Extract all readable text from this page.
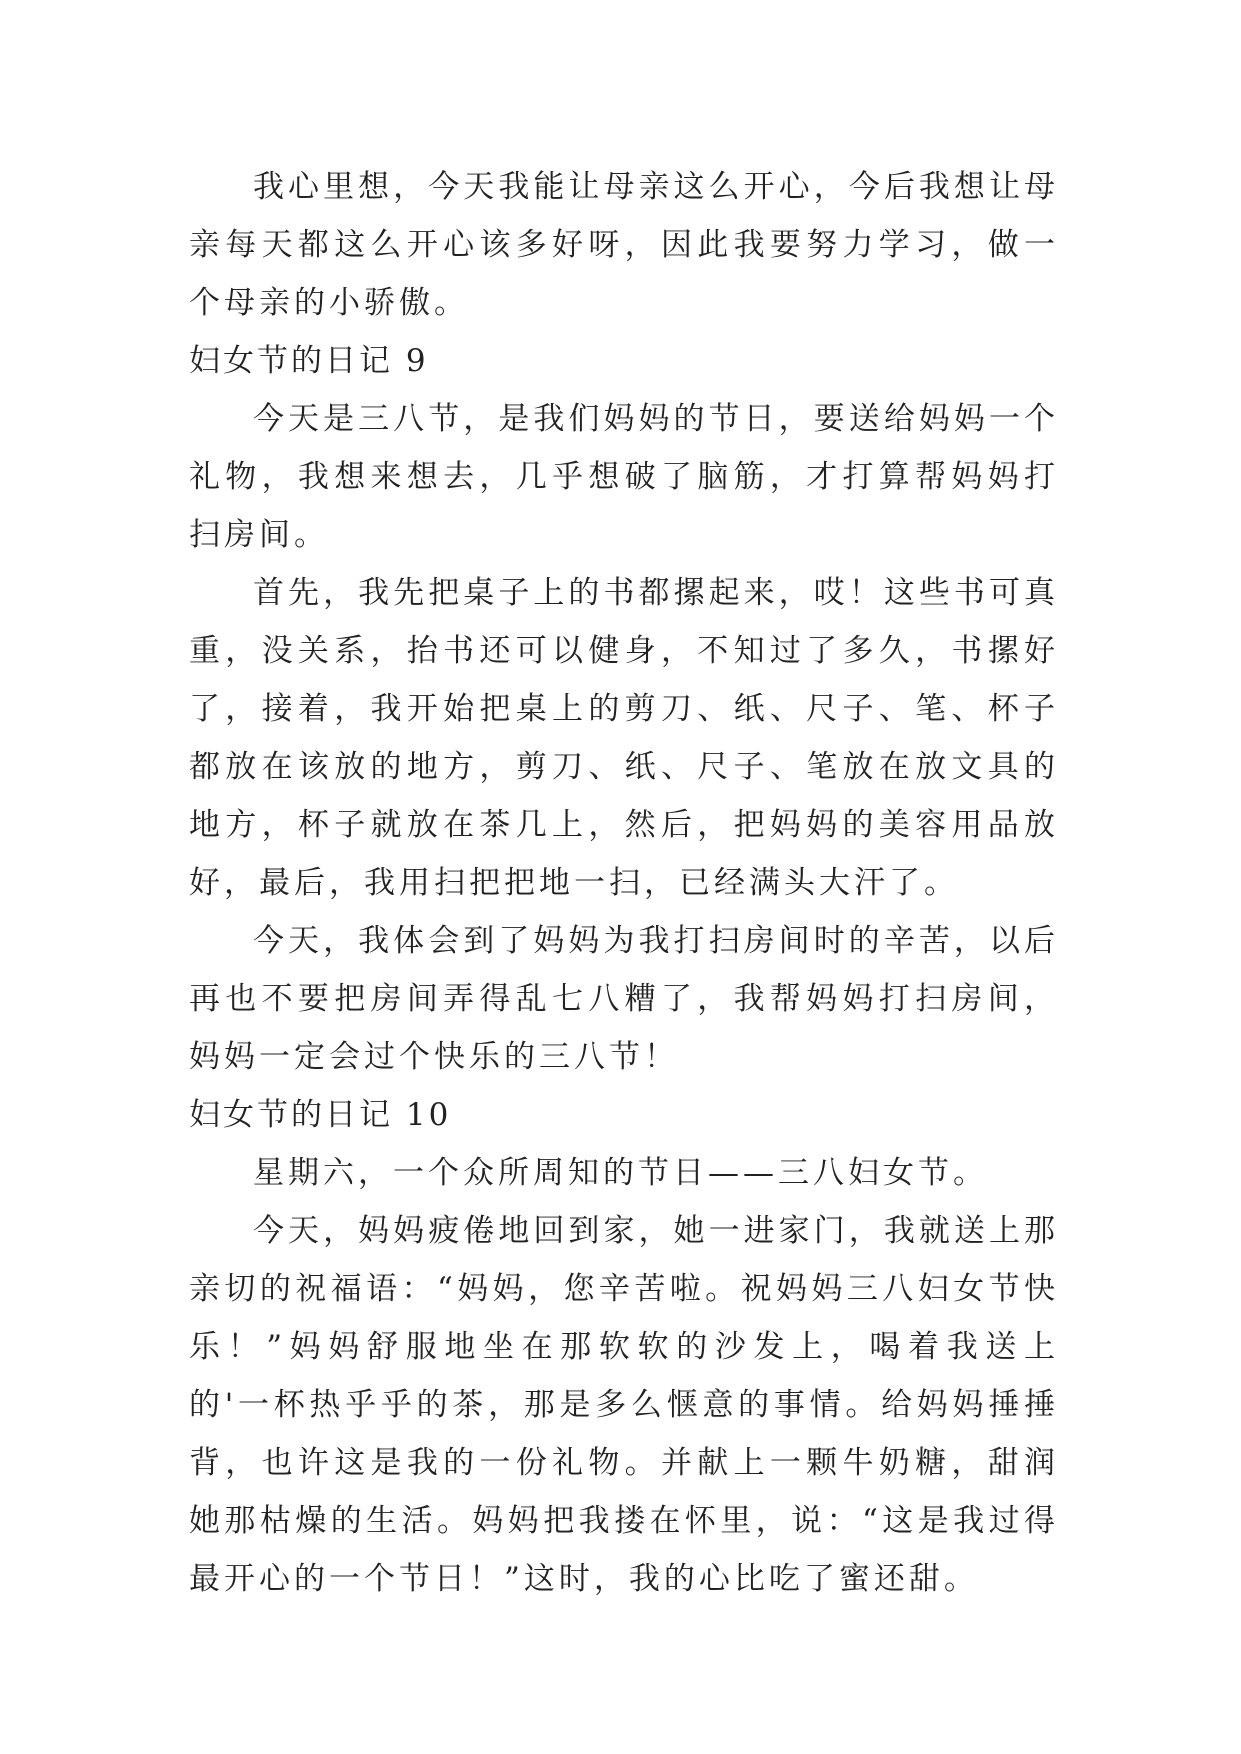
我心里想，今天我能让母亲这么开心，今后我想让母亲每天都这么开心该多好呀，因此我要努力学习，做一个母亲的小骄傲。

妇女节的日记 9

今天是三八节，是我们妈妈的节日，要送给妈妈一个礼物，我想来想去，几乎想破了脑筋，才打算帮妈妈打扫房间。

首先，我先把桌子上的书都摞起来，哎！这些书可真重，没关系，抬书还可以健身，不知过了多久，书摞好了，接着，我开始把桌上的剪刀、纸、尺子、笔、杯子都放在该放的地方，剪刀、纸、尺子、笔放在放文具的地方，杯子就放在茶几上，然后，把妈妈的美容用品放好，最后，我用扫把把地一扫，已经满头大汗了。

今天，我体会到了妈妈为我打扫房间时的辛苦，以后再也不要把房间弄得乱七八糟了，我帮妈妈打扫房间，妈妈一定会过个快乐的三八节！

妇女节的日记 10

星期六，一个众所周知的节日——三八妇女节。

今天，妈妈疲倦地回到家，她一进家门，我就送上那亲切的祝福语：“妈妈，您辛苦啦。祝妈妈三八妇女节快乐！”妈妈舒服地坐在那软软的沙发上，喝着我送上的'一杯热乎乎的茶，那是多么惬意的事情。给妈妈捶捶背，也许这是我的一份礼物。并献上一颗牛奶糖，甜润她那枯燥的生活。妈妈把我搂在怀里，说：“这是我过得最开心的一个节日！”这时，我的心比吃了蜜还甜。
